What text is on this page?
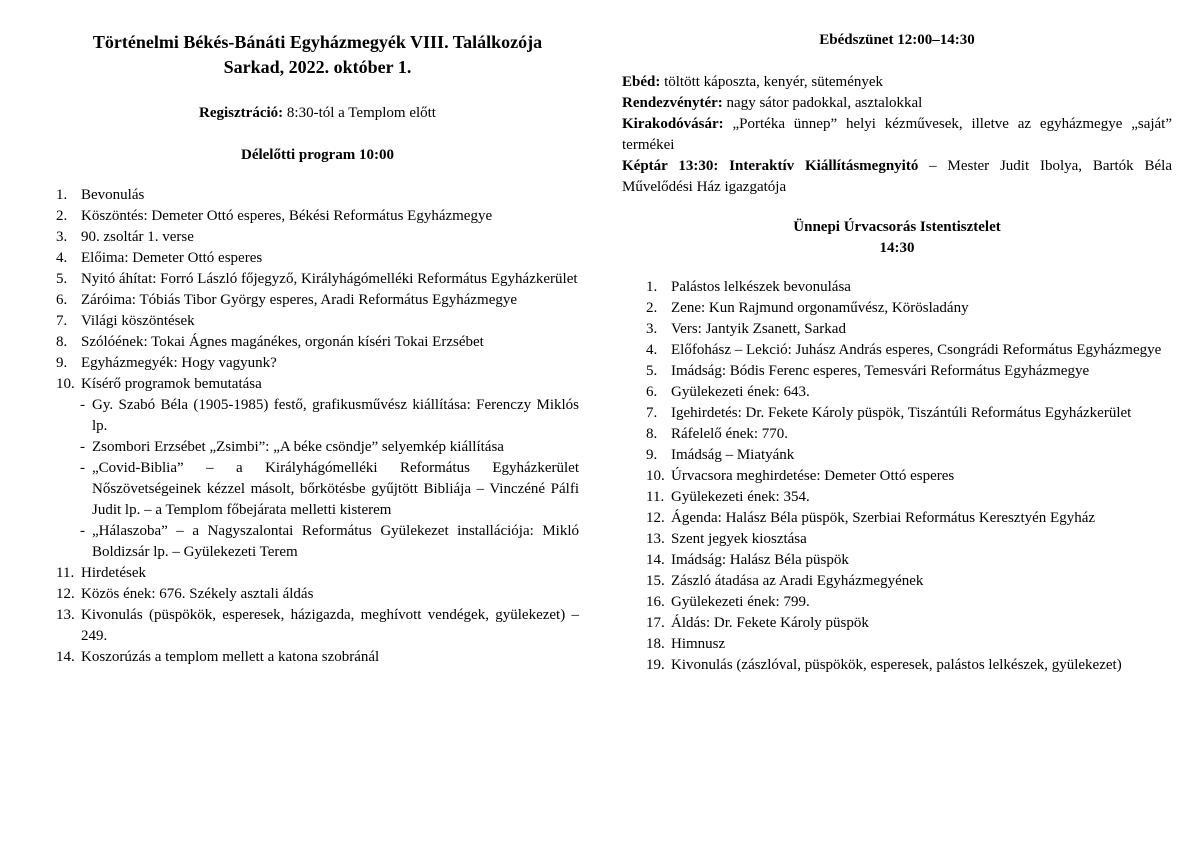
Történelmi Békés-Bánáti Egyházmegyék VIII. Találkozója
Sarkad, 2022. október 1.
Regisztráció: 8:30-tól a Templom előtt
Délelőtti program 10:00
1. Bevonulás
2. Köszöntés: Demeter Ottó esperes, Békési Református Egyházmegye
3. 90. zsoltár 1. verse
4. Előima: Demeter Ottó esperes
5. Nyitó áhítat: Forró László főjegyző, Királyhágómelléki Református Egyházkerület
6. Záróima: Tóbiás Tibor György esperes, Aradi Református Egyházmegye
7. Világi köszöntések
8. Szólóének: Tokai Ágnes magánékes, orgonán kíséri Tokai Erzsébet
9. Egyházmegyék: Hogy vagyunk?
10. Kísérő programok bemutatása
- Gy. Szabó Béla (1905-1985) festő, grafikusművész kiállítása: Ferenczy Miklós lp.
- Zsombori Erzsébet „Zsimbi”: „A béke csöndje” selyemkép kiállítása
- „Covid-Biblia” – a Királyhágómelléki Református Egyházkerület Nőszövetségeinek kézzel másolt, bőrkötésbe gyűjtött Bibliája – Vinczéné Pálfi Judit lp. – a Templom főbejárata melletti kisterem
- „Hálaszoba” – a Nagyszalontai Református Gyülekezet installációja: Mikló Boldizsár lp. – Gyülekezeti Terem
11. Hirdetések
12. Közös ének: 676. Székely asztali áldás
13. Kivonulás (püspökök, esperesek, házigazda, meghívott vendégek, gyülekezet) – 249.
14. Koszorúzás a templom mellett a katona szobránál
Ebédszünet 12:00–14:30
Ebéd: töltött káposzta, kenyér, sütemények
Rendezvénytér: nagy sátor padokkal, asztalokkal
Kirakodóvásár: „Portéka ünnep” helyi kézművesek, illetve az egyházmegye „saját” termékei
Képtár 13:30: Interaktív Kiállításmegnyitó – Mester Judit Ibolya, Bartók Béla Művelődési Ház igazgatója
Ünnepi Úrvacsorás Istentisztelet
14:30
1. Palástos lelkészek bevonulása
2. Zene: Kun Rajmund orgonaművész, Körösladány
3. Vers: Jantyik Zsanett, Sarkad
4. Előfohász – Lekció: Juhász András esperes, Csongrádi Református Egyházmegye
5. Imádság: Bódis Ferenc esperes, Temesvári Református Egyházmegye
6. Gyülekezeti ének: 643.
7. Igehirdetés: Dr. Fekete Károly püspök, Tiszántúli Református Egyházkerület
8. Ráfelelő ének: 770.
9. Imádság – Miatyánk
10. Úrvacsora meghirdetése: Demeter Ottó esperes
11. Gyülekezeti ének: 354.
12. Ágenda: Halász Béla püspök, Szerbiai Református Keresztyén Egyház
13. Szent jegyek kiosztása
14. Imádság: Halász Béla püspök
15. Zászló átadása az Aradi Egyházmegyének
16. Gyülekezeti ének: 799.
17. Áldás: Dr. Fekete Károly püspök
18. Himnusz
19. Kivonulás (zászlóval, püspökök, esperesek, palástos lelkészek, gyülekezet)
